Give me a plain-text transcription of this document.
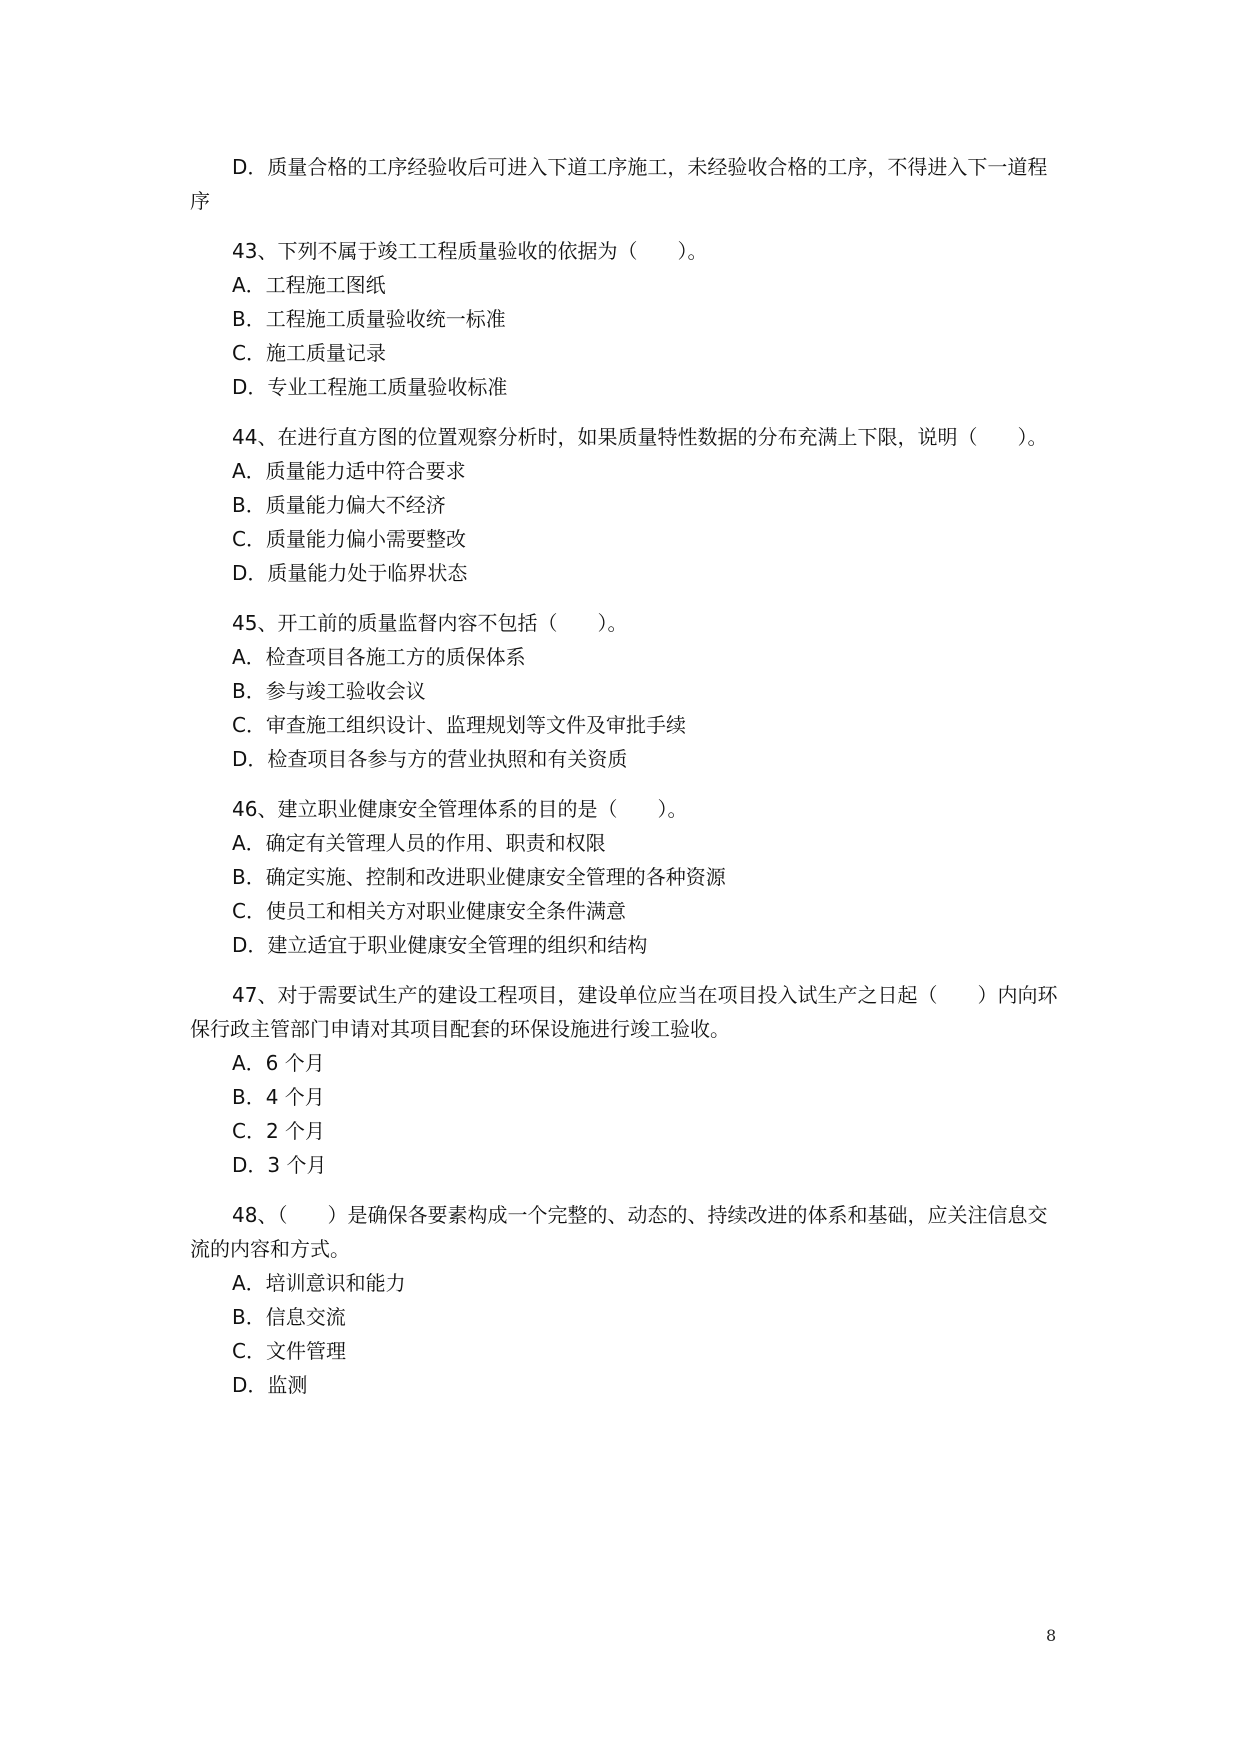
D．质量合格的工序经验收后可进入下道工序施工，未经验收合格的工序，不得进入下一道程序

43、下列不属于竣工工程质量验收的依据为（　　）。

A．工程施工图纸

B．工程施工质量验收统一标准

C．施工质量记录

D．专业工程施工质量验收标准

44、在进行直方图的位置观察分析时，如果质量特性数据的分布充满上下限，说明（　　）。

A．质量能力适中符合要求

B．质量能力偏大不经济

C．质量能力偏小需要整改

D．质量能力处于临界状态

45、开工前的质量监督内容不包括（　　）。

A．检查项目各施工方的质保体系

B．参与竣工验收会议

C．审查施工组织设计、监理规划等文件及审批手续

D．检查项目各参与方的营业执照和有关资质

46、建立职业健康安全管理体系的目的是（　　）。

A．确定有关管理人员的作用、职责和权限

B．确定实施、控制和改进职业健康安全管理的各种资源

C．使员工和相关方对职业健康安全条件满意

D．建立适宜于职业健康安全管理的组织和结构

47、对于需要试生产的建设工程项目，建设单位应当在项目投入试生产之日起（　　）内向环保行政主管部门申请对其项目配套的环保设施进行竣工验收。

A．6 个月

B．4 个月

C．2 个月

D．3 个月

48、（　　）是确保各要素构成一个完整的、动态的、持续改进的体系和基础，应关注信息交流的内容和方式。

A．培训意识和能力

B．信息交流

C．文件管理

D．监测

8
